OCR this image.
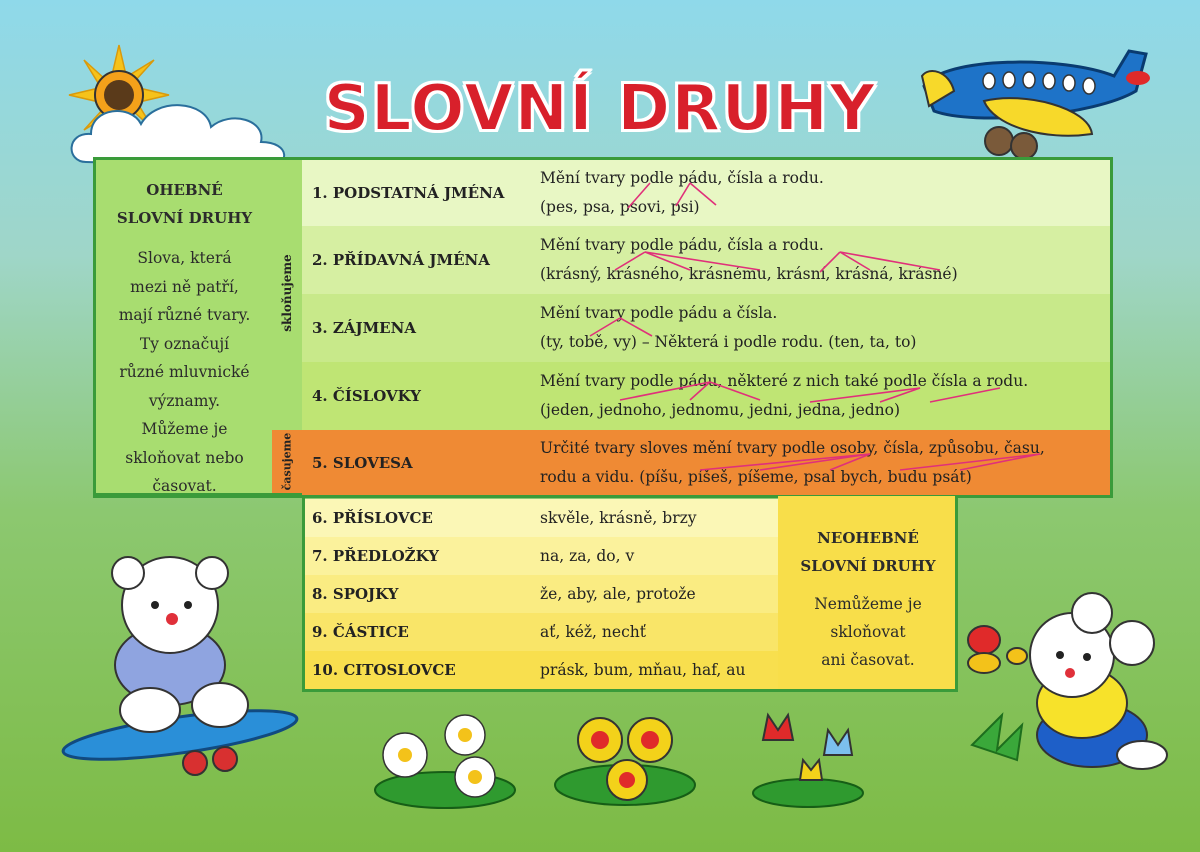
SLOVNÍ DRUHY
OHEBNÉ
SLOVNÍ DRUHY

Slova, která
mezi ně patří,
mají různé tvary.
Ty označují
různé mluvnické
významy.
Můžeme je
skloňovat nebo
časovat.

skloňujeme
časujeme
1. PODSTATNÁ JMÉNA
Mění tvary podle pádu, čísla a rodu.
(pes, psa, psovi, psi)
2. PŘÍDAVNÁ JMÉNA
Mění tvary podle pádu, čísla a rodu.
(krásný, krásného, krásnému, krásní, krásná, krásné)
3. ZÁJMENA
Mění tvary podle pádu a čísla.
(ty, tobě, vy) – Některá i podle rodu. (ten, ta, to)
4. ČÍSLOVKY
Mění tvary podle pádu, některé z nich také podle čísla a rodu.
(jeden, jednoho, jednomu, jedni, jedna, jedno)
5. SLOVESA
Určité tvary sloves mění tvary podle osoby, čísla, způsobu, času,
rodu a vidu. (píšu, píšeš, píšeme, psal bych, budu psát)
6. PŘÍSLOVCE	skvěle, krásně, brzy
7. PŘEDLOŽKY	na, za, do, v
8. SPOJKY	že, aby, ale, protože
9. ČÁSTICE	ať, kéž, nechť
10. CITOSLOVCE	prásk, bum, mňau, haf, au
NEOHEBNÉ
SLOVNÍ DRUHY

Nemůžeme je
skloňovat
ani časovat.
